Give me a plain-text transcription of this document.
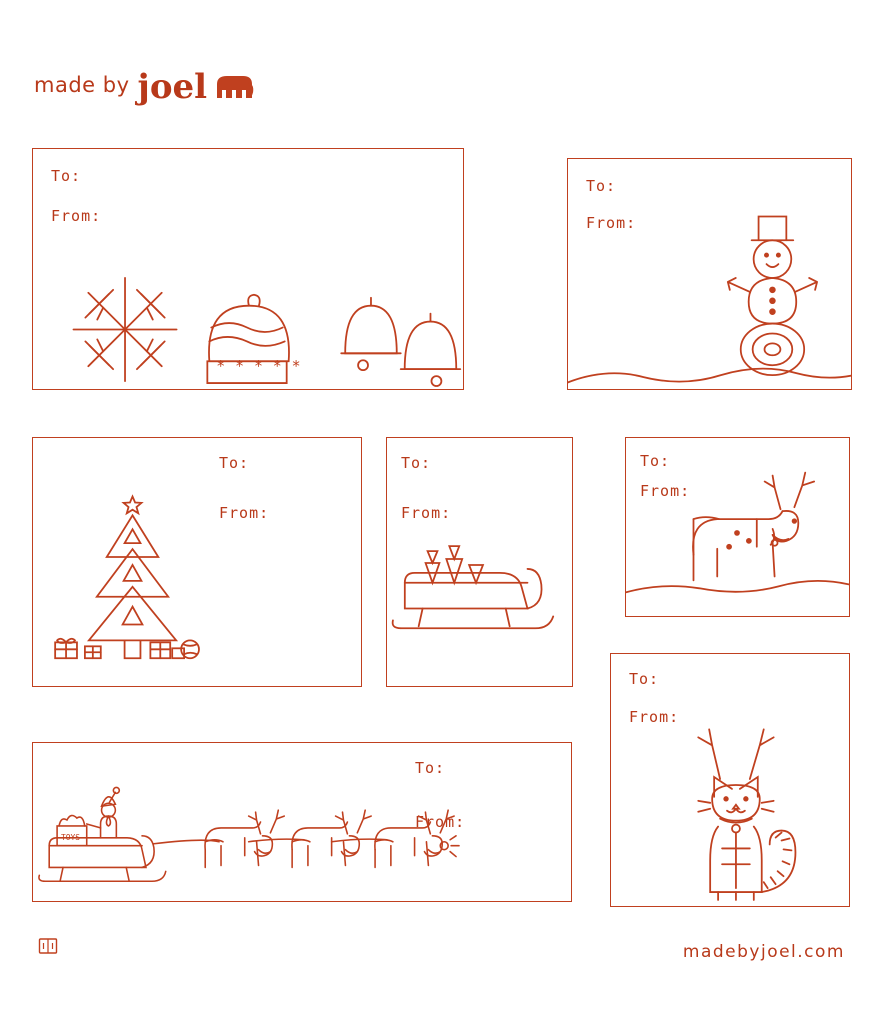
made by joel
To:
From:
* * * * *
To:
From:
To:
From:
To:
From:
To:
From:
To:
From:
To:
From:
TOYS
madebyjoel.com
